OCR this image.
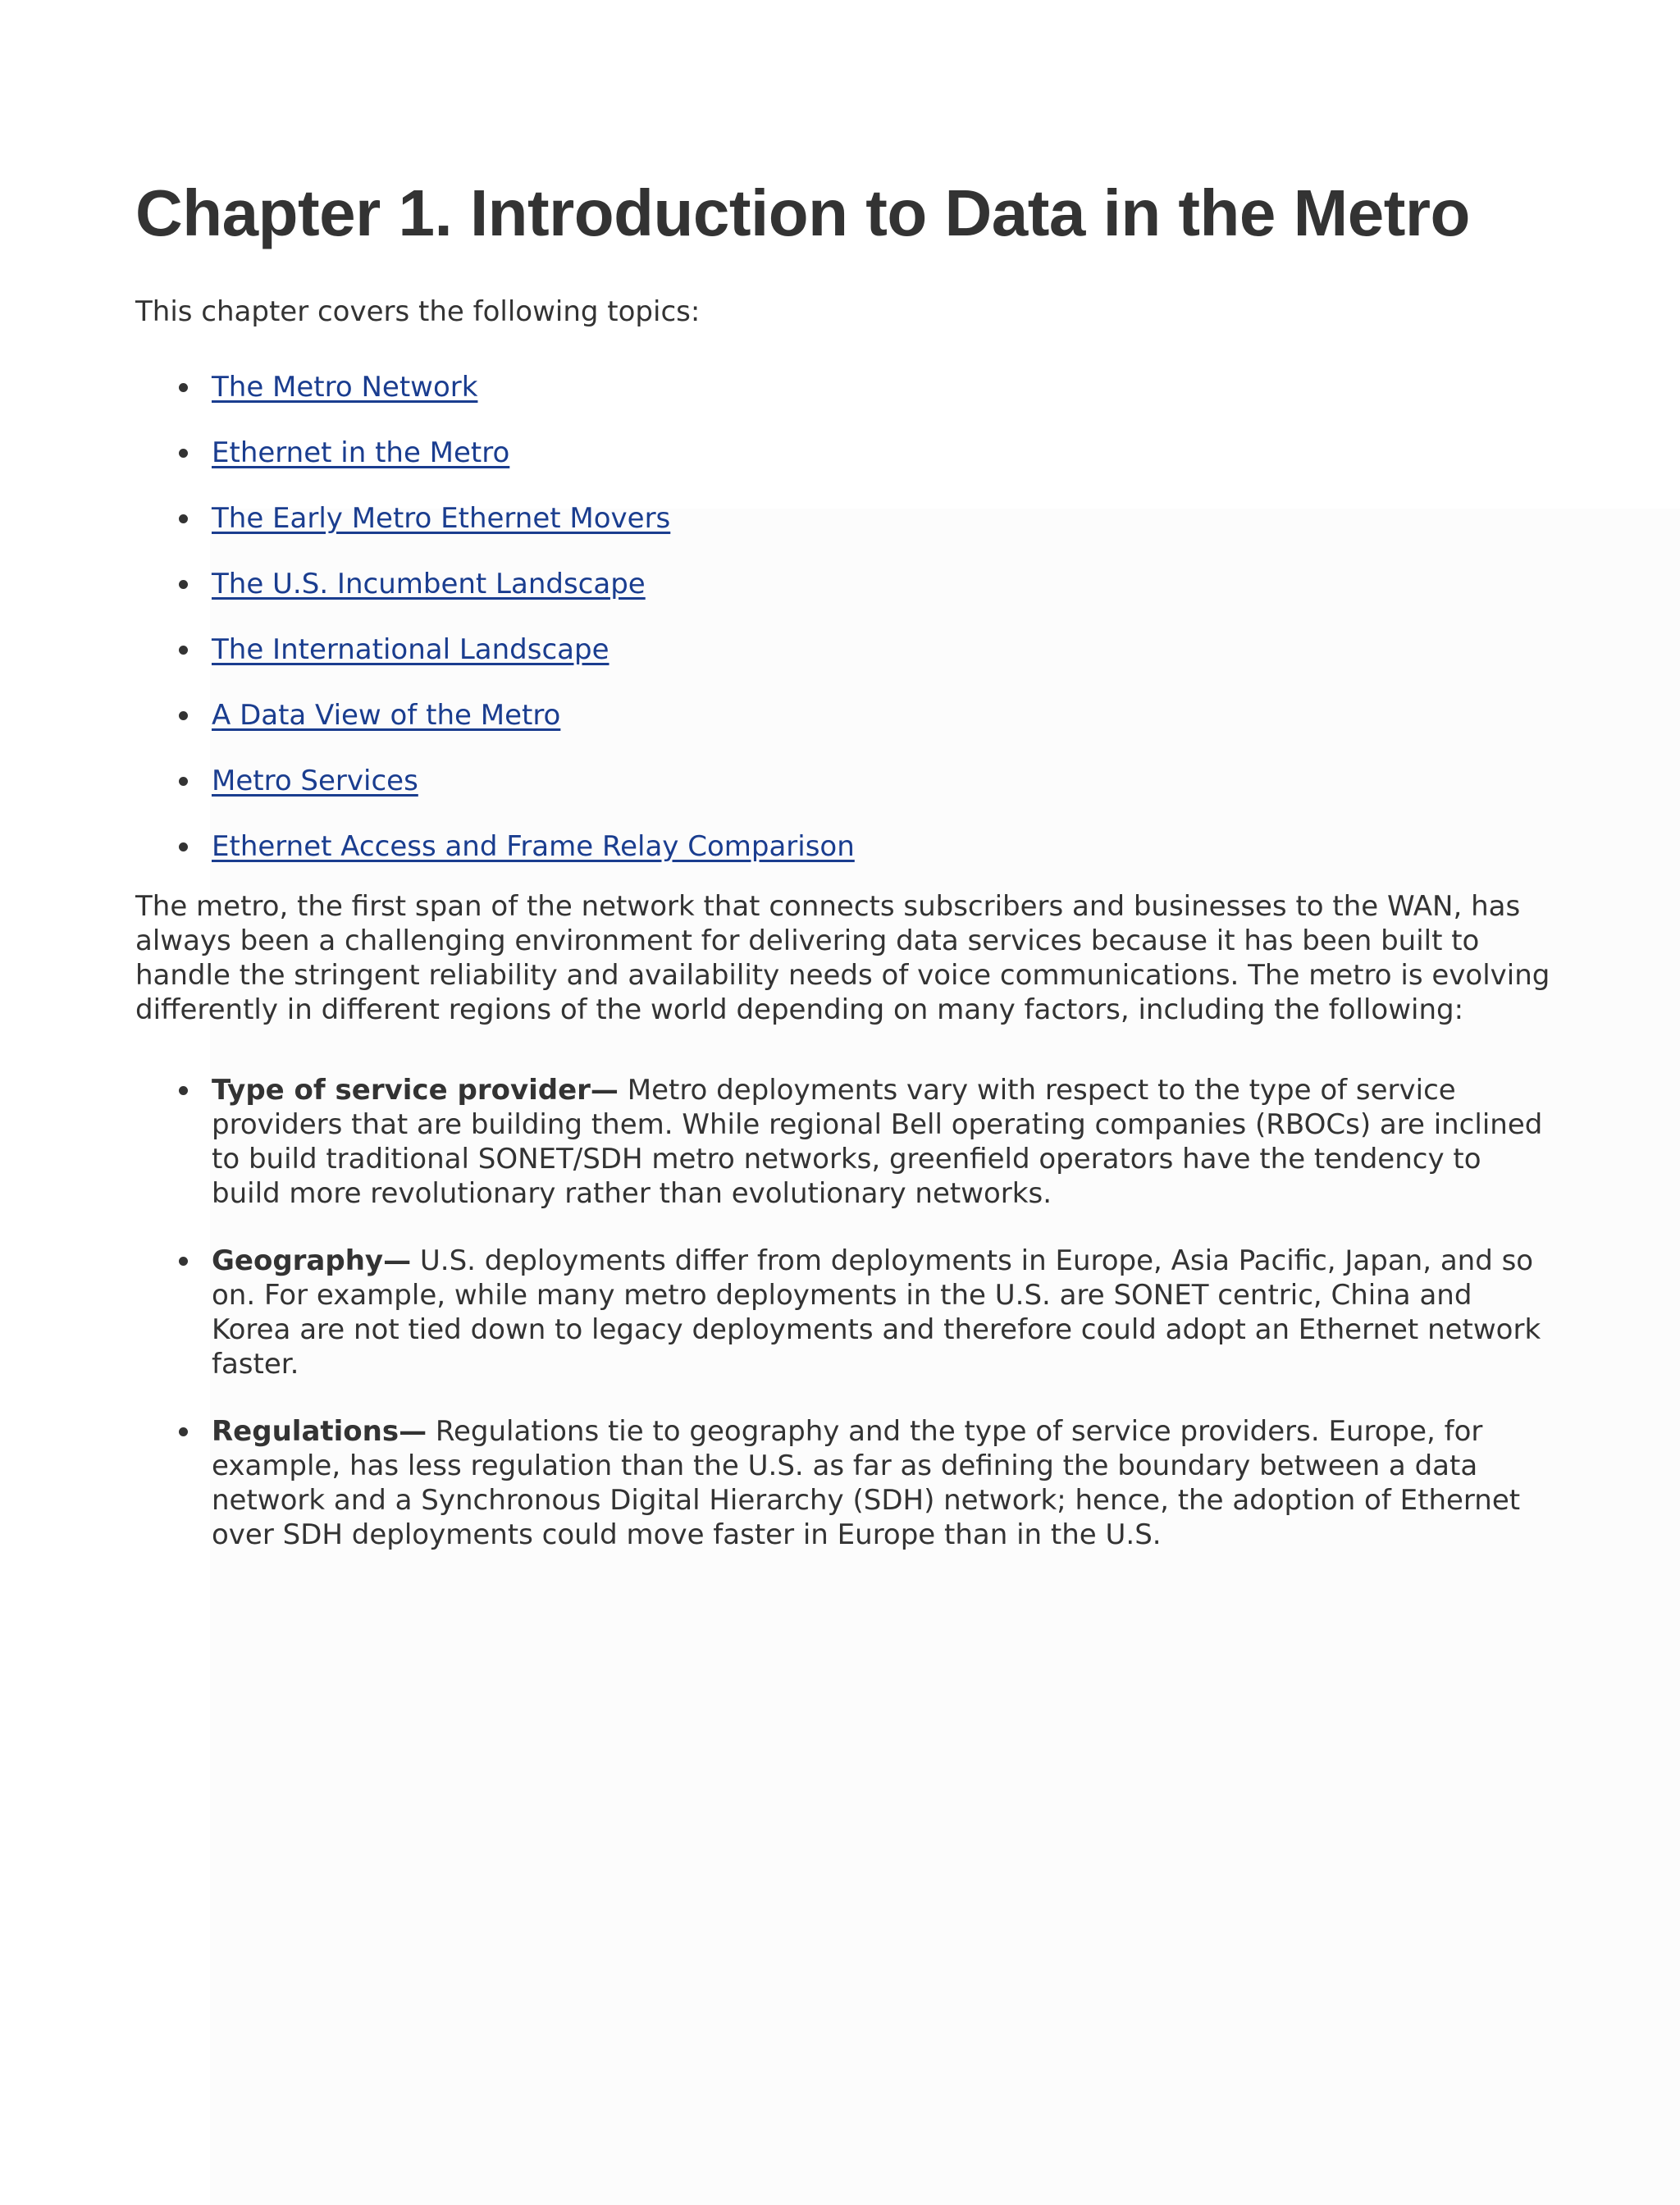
Chapter 1. Introduction to Data in the Metro

This chapter covers the following topics:

The Metro Network
Ethernet in the Metro
The Early Metro Ethernet Movers
The U.S. Incumbent Landscape
The International Landscape
A Data View of the Metro
Metro Services
Ethernet Access and Frame Relay Comparison

The metro, the first span of the network that connects subscribers and businesses to the WAN, has always been a challenging environment for delivering data services because it has been built to handle the stringent reliability and availability needs of voice communications. The metro is evolving differently in different regions of the world depending on many factors, including the following:

Type of service provider— Metro deployments vary with respect to the type of service providers that are building them. While regional Bell operating companies (RBOCs) are inclined to build traditional SONET/SDH metro networks, greenfield operators have the tendency to build more revolutionary rather than evolutionary networks.
Geography— U.S. deployments differ from deployments in Europe, Asia Pacific, Japan, and so on. For example, while many metro deployments in the U.S. are SONET centric, China and Korea are not tied down to legacy deployments and therefore could adopt an Ethernet network faster.
Regulations— Regulations tie to geography and the type of service providers. Europe, for example, has less regulation than the U.S. as far as defining the boundary between a data network and a Synchronous Digital Hierarchy (SDH) network; hence, the adoption of Ethernet over SDH deployments could move faster in Europe than in the U.S.
